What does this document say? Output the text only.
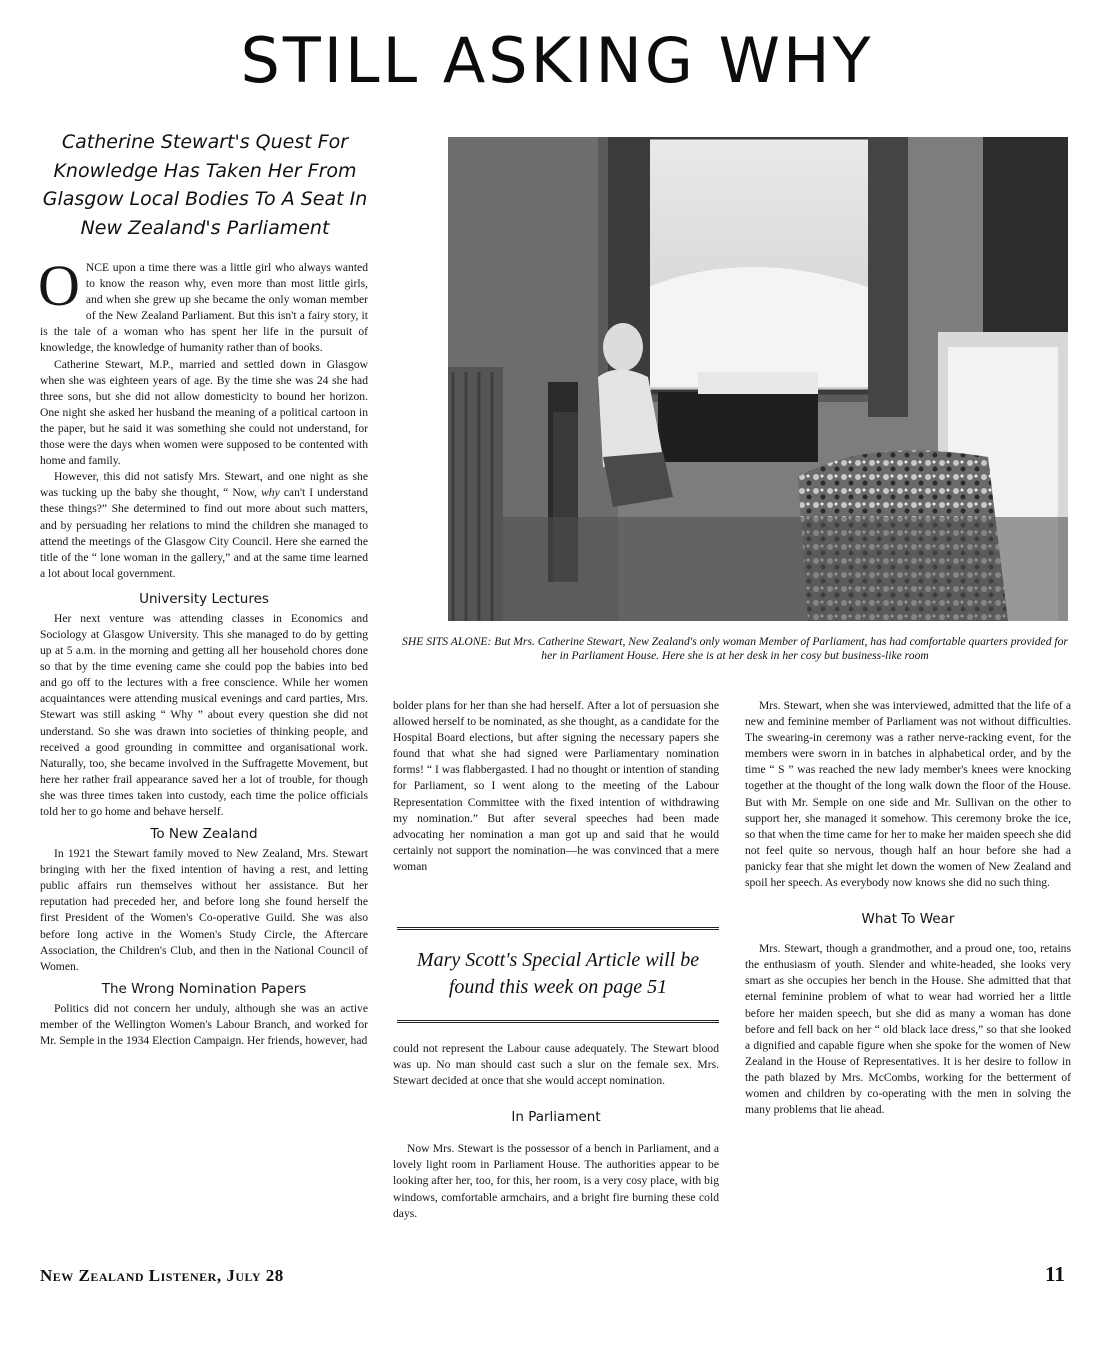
STILL ASKING WHY
Catherine Stewart's Quest For Knowledge Has Taken Her From Glasgow Local Bodies To A Seat In New Zealand's Parliament

ONCE upon a time there was a little girl who always wanted to know the reason why, even more than most little girls, and when she grew up she became the only woman member of the New Zealand Parliament. But this isn't a fairy story, it is the tale of a woman who has spent her life in the pursuit of knowledge, the knowledge of humanity rather than of books.

Catherine Stewart, M.P., married and settled down in Glasgow when she was eighteen years of age. By the time she was 24 she had three sons, but she did not allow domesticity to bound her horizon. One night she asked her husband the meaning of a political cartoon in the paper, but he said it was something she could not understand, for those were the days when women were supposed to be contented with home and family.

However, this did not satisfy Mrs. Stewart, and one night as she was tucking up the baby she thought, “ Now, why can't I understand these things?” She determined to find out more about such matters, and by persuading her relations to mind the children she managed to attend the meetings of the Glasgow City Council. Here she earned the title of the “ lone woman in the gallery,” and at the same time learned a lot about local government.

University Lectures

Her next venture was attending classes in Economics and Sociology at Glasgow University. This she managed to do by getting up at 5 a.m. in the morning and getting all her household chores done so that by the time evening came she could pop the babies into bed and go off to the lectures with a free conscience. While her women acquaintances were attending musical evenings and card parties, Mrs. Stewart was still asking “ Why ” about every question she did not understand. So she was drawn into societies of thinking people, and received a good grounding in committee and organisational work. Naturally, too, she became involved in the Suffragette Movement, but here her rather frail appearance saved her a lot of trouble, for though she was three times taken into custody, each time the police officials told her to go home and behave herself.

To New Zealand

In 1921 the Stewart family moved to New Zealand, Mrs. Stewart bringing with her the fixed intention of having a rest, and letting public affairs run themselves without her assistance. But her reputation had preceded her, and before long she found herself the first President of the Women's Co-operative Guild. She was also before long active in the Women's Study Circle, the Aftercare Association, the Children's Club, and then in the National Council of Women.

The Wrong Nomination Papers

Politics did not concern her unduly, although she was an active member of the Wellington Women's Labour Branch, and worked for Mr. Semple in the 1934 Election Campaign. Her friends, however, had

SHE SITS ALONE: But Mrs. Catherine Stewart, New Zealand's only woman Member of Parliament, has had comfortable quarters provided for her in Parliament House. Here she is at her desk in her cosy but business-like room

bolder plans for her than she had herself. After a lot of persuasion she allowed herself to be nominated, as she thought, as a candidate for the Hospital Board elections, but after signing the necessary papers she found that what she had signed were Parliamentary nomination forms! “ I was flabbergasted. I had no thought or intention of standing for Parliament, so I went along to the meeting of the Labour Representation Committee with the fixed intention of withdrawing my nomination.” But after several speeches had been made advocating her nomination a man got up and said that he would certainly not support the nomination—he was convinced that a mere woman

Mary Scott's Special Article will be found this week on page 51

could not represent the Labour cause adequately. The Stewart blood was up. No man should cast such a slur on the female sex. Mrs. Stewart decided at once that she would accept nomination.

In Parliament

Now Mrs. Stewart is the possessor of a bench in Parliament, and a lovely light room in Parliament House. The authorities appear to be looking after her, too, for this, her room, is a very cosy place, with big windows, comfortable armchairs, and a bright fire burning these cold days.

Mrs. Stewart, when she was interviewed, admitted that the life of a new and feminine member of Parliament was not without difficulties. The swearing-in ceremony was a rather nerve-racking event, for the members were sworn in in batches in alphabetical order, and by the time “ S ” was reached the new lady member's knees were knocking together at the thought of the long walk down the floor of the House. But with Mr. Semple on one side and Mr. Sullivan on the other to support her, she managed it somehow. This ceremony broke the ice, so that when the time came for her to make her maiden speech she did not feel quite so nervous, though half an hour before she had a panicky fear that she might let down the women of New Zealand and spoil her speech. As everybody now knows she did no such thing.

What To Wear

Mrs. Stewart, though a grandmother, and a proud one, too, retains the enthusiasm of youth. Slender and white-headed, she looks very smart as she occupies her bench in the House. She admitted that that eternal feminine problem of what to wear had worried her a little before her maiden speech, but she did as many a woman has done before and fell back on her “ old black lace dress,” so that she looked a dignified and capable figure when she spoke for the women of New Zealand in the House of Representatives. It is her desire to follow in the path blazed by Mrs. McCombs, working for the betterment of women and children by co-operating with the men in solving the many problems that lie ahead.

New Zealand Listener, July 28	11
